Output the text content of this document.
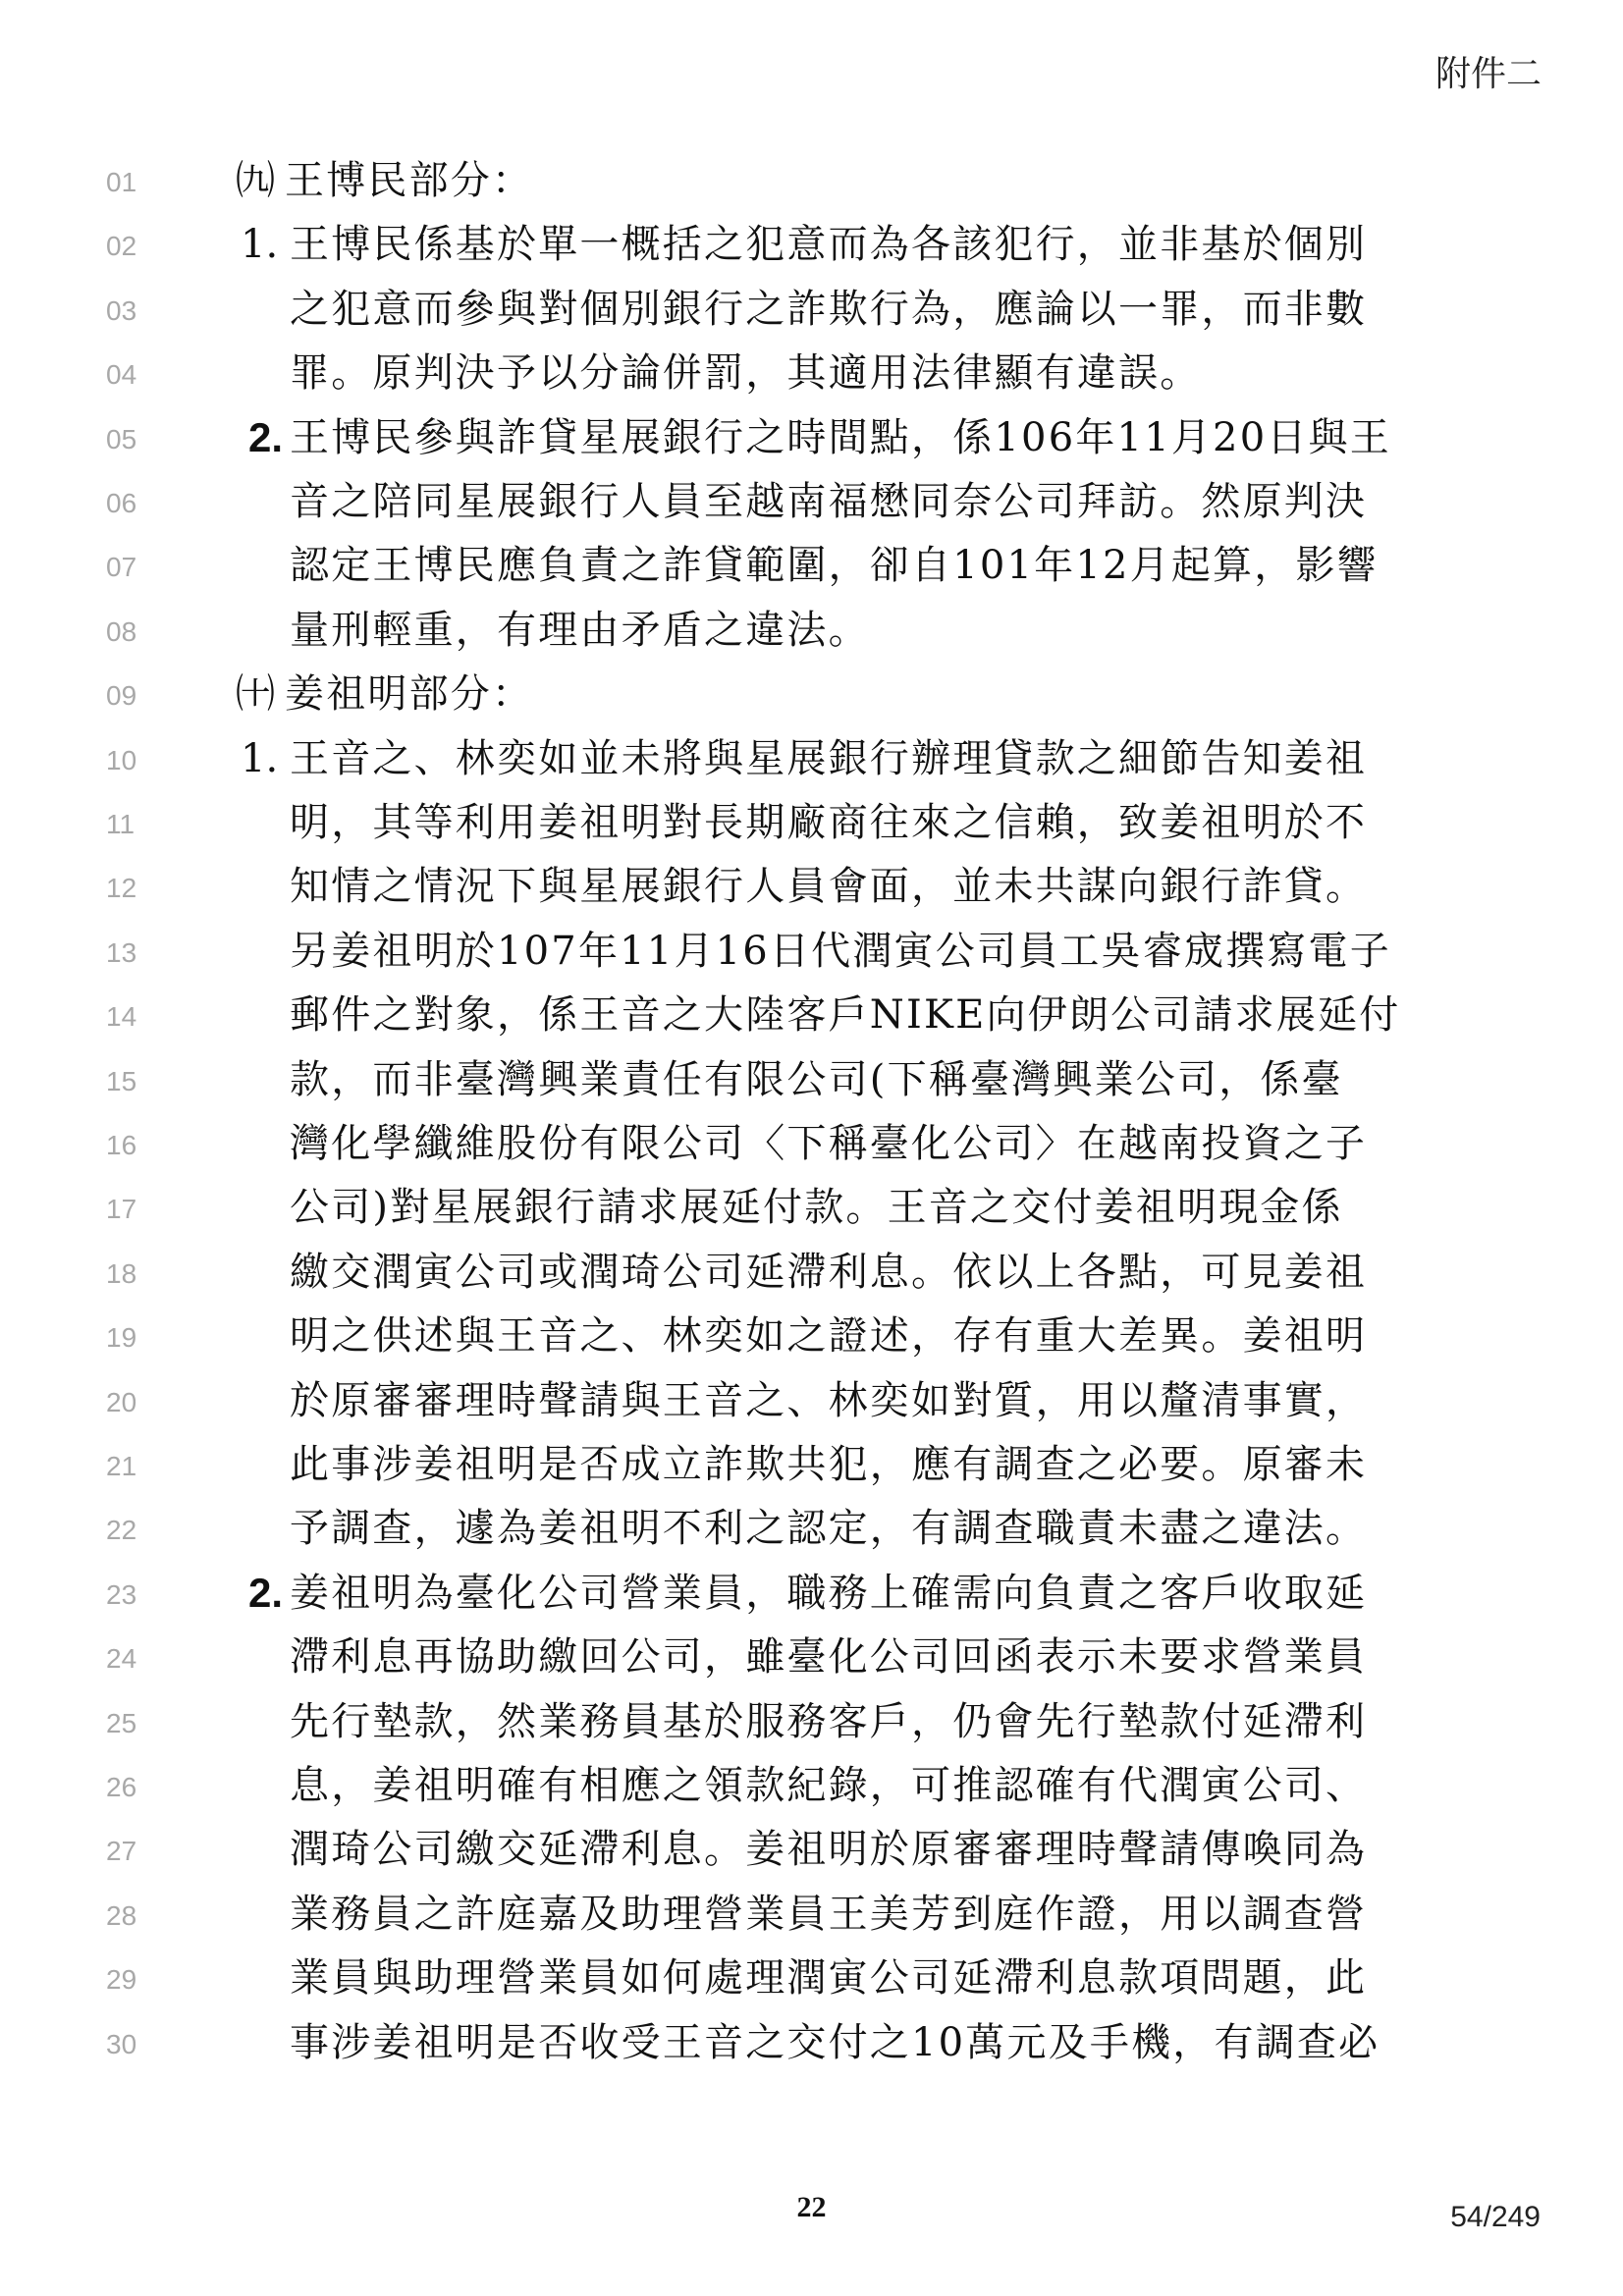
附件二
01	㈨ 王博民部分：
02	1. 王博民係基於單一概括之犯意而為各該犯行，並非基於個別
03	之犯意而參與對個別銀行之詐欺行為，應論以一罪，而非數
04	罪。原判決予以分論併罰，其適用法律顯有違誤。
05	2. 王博民參與詐貸星展銀行之時間點，係106年11月20日與王
06	音之陪同星展銀行人員至越南福懋同奈公司拜訪。然原判決
07	認定王博民應負責之詐貸範圍，卻自101年12月起算，影響
08	量刑輕重，有理由矛盾之違法。
09	㈩ 姜祖明部分：
10	1. 王音之、林奕如並未將與星展銀行辦理貸款之細節告知姜祖
11	明，其等利用姜祖明對長期廠商往來之信賴，致姜祖明於不
12	知情之情況下與星展銀行人員會面，並未共謀向銀行詐貸。
13	另姜祖明於107年11月16日代潤寅公司員工吳睿宬撰寫電子
14	郵件之對象，係王音之大陸客戶NIKE向伊朗公司請求展延付
15	款，而非臺灣興業責任有限公司(下稱臺灣興業公司，係臺
16	灣化學纖維股份有限公司〈下稱臺化公司〉在越南投資之子
17	公司)對星展銀行請求展延付款。王音之交付姜祖明現金係
18	繳交潤寅公司或潤琦公司延滯利息。依以上各點，可見姜祖
19	明之供述與王音之、林奕如之證述，存有重大差異。姜祖明
20	於原審審理時聲請與王音之、林奕如對質，用以釐清事實，
21	此事涉姜祖明是否成立詐欺共犯，應有調查之必要。原審未
22	予調查，遽為姜祖明不利之認定，有調查職責未盡之違法。
23	2. 姜祖明為臺化公司營業員，職務上確需向負責之客戶收取延
24	滯利息再協助繳回公司，雖臺化公司回函表示未要求營業員
25	先行墊款，然業務員基於服務客戶，仍會先行墊款付延滯利
26	息，姜祖明確有相應之領款紀錄，可推認確有代潤寅公司、
27	潤琦公司繳交延滯利息。姜祖明於原審審理時聲請傳喚同為
28	業務員之許庭嘉及助理營業員王美芳到庭作證，用以調查營
29	業員與助理營業員如何處理潤寅公司延滯利息款項問題，此
30	事涉姜祖明是否收受王音之交付之10萬元及手機，有調查必
22	54/249
